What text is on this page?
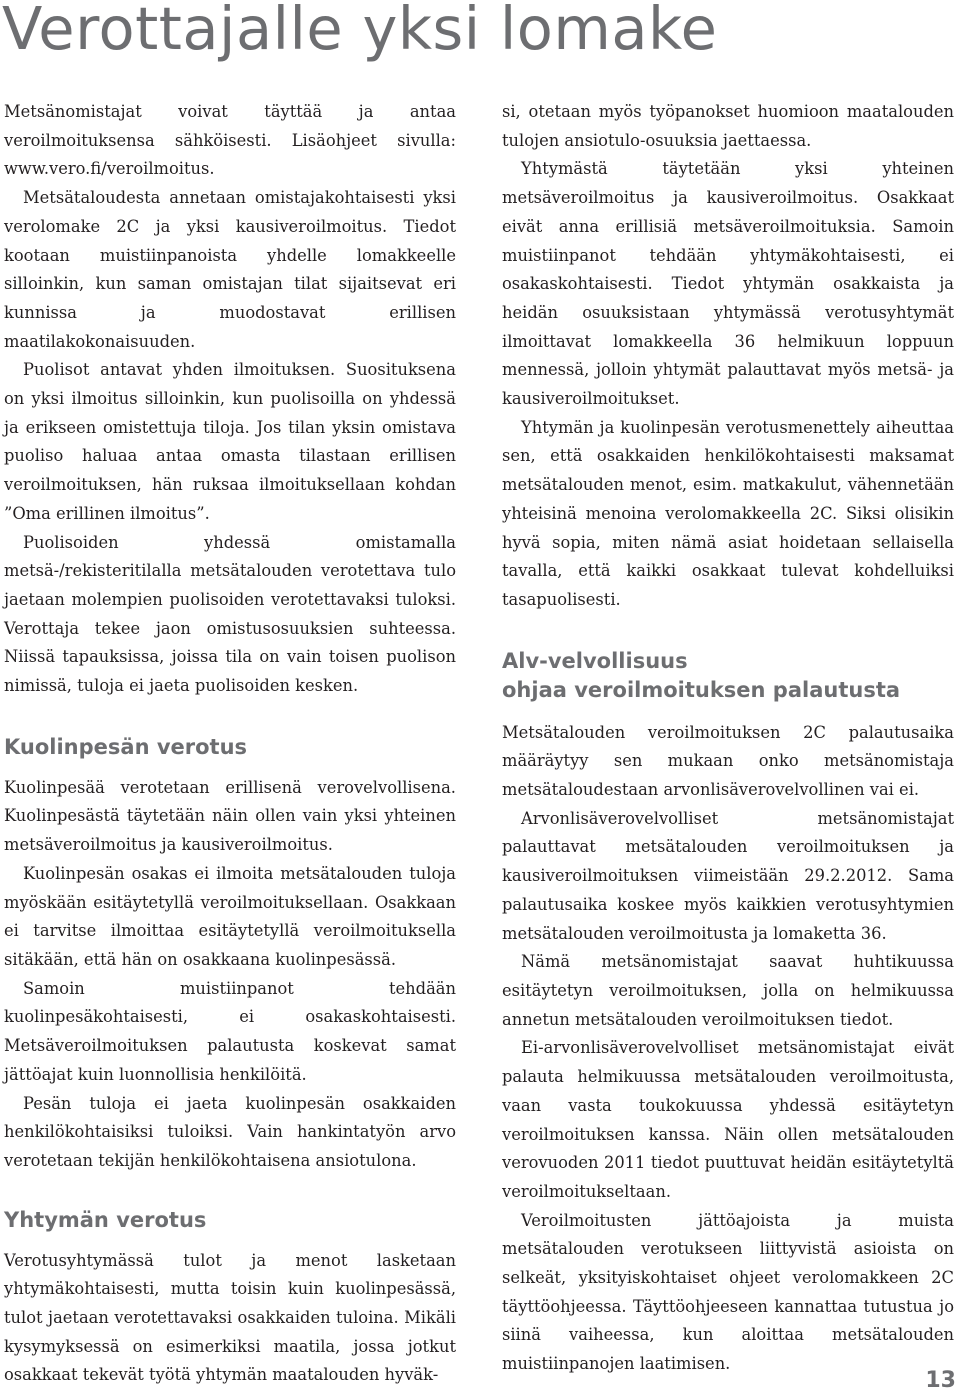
Verottajalle yksi lomake

Metsänomistajat voivat täyttää ja antaa veroilmoituksensa sähköisesti. Lisäohjeet sivulla: www.vero.fi/veroilmoitus.

Metsätaloudesta annetaan omistajakohtaisesti yksi verolomake 2C ja yksi kausiveroilmoitus. Tiedot kootaan muistiinpanoista yhdelle lomakkeelle silloinkin, kun saman omistajan tilat sijaitsevat eri kunnissa ja muodostavat erillisen maatilakokonaisuuden.

Puolisot antavat yhden ilmoituksen. Suosituksena on yksi ilmoitus silloinkin, kun puolisoilla on yhdessä ja erikseen omistettuja tiloja. Jos tilan yksin omistava puoliso haluaa antaa omasta tilastaan erillisen veroilmoituksen, hän ruksaa ilmoituksellaan kohdan ”Oma erillinen ilmoitus”.

Puolisoiden yhdessä omistamalla metsä-/rekisteritilalla metsätalouden verotettava tulo jaetaan molempien puolisoiden verotettavaksi tuloksi. Verottaja tekee jaon omistusosuuksien suhteessa. Niissä tapauksissa, joissa tila on vain toisen puolison nimissä, tuloja ei jaeta puolisoiden kesken.

Kuolinpesän verotus

Kuolinpesää verotetaan erillisenä verovelvollisena. Kuolinpesästä täytetään näin ollen vain yksi yhteinen metsäveroilmoitus ja kausiveroilmoitus.

Kuolinpesän osakas ei ilmoita metsätalouden tuloja myöskään esitäytetyllä veroilmoituksellaan. Osakkaan ei tarvitse ilmoittaa esitäytetyllä veroilmoituksella sitäkään, että hän on osakkaana kuolinpesässä.

Samoin muistiinpanot tehdään kuolinpesäkohtaisesti, ei osakaskohtaisesti. Metsäveroilmoituksen palautusta koskevat samat jättöajat kuin luonnollisia henkilöitä.

Pesän tuloja ei jaeta kuolinpesän osakkaiden henkilökohtaisiksi tuloiksi. Vain hankintatyön arvo verotetaan tekijän henkilökohtaisena ansiotulona.

Yhtymän verotus

Verotusyhtymässä tulot ja menot lasketaan yhtymäkohtaisesti, mutta toisin kuin kuolinpesässä, tulot jaetaan verotettavaksi osakkaiden tuloina. Mikäli kysymyksessä on esimerkiksi maatila, jossa jotkut osakkaat tekevät työtä yhtymän maatalouden hyväk-

si, otetaan myös työpanokset huomioon maatalouden tulojen ansiotulo-osuuksia jaettaessa.

Yhtymästä täytetään yksi yhteinen metsäveroilmoitus ja kausiveroilmoitus. Osakkaat eivät anna erillisiä metsäveroilmoituksia. Samoin muistiinpanot tehdään yhtymäkohtaisesti, ei osakaskohtaisesti. Tiedot yhtymän osakkaista ja heidän osuuksistaan yhtymässä verotusyhtymät ilmoittavat lomakkeella 36 helmikuun loppuun mennessä, jolloin yhtymät palauttavat myös metsä- ja kausiveroilmoitukset.

Yhtymän ja kuolinpesän verotusmenettely aiheuttaa sen, että osakkaiden henkilökohtaisesti maksamat metsätalouden menot, esim. matkakulut, vähennetään yhteisinä menoina verolomakkeella 2C. Siksi olisikin hyvä sopia, miten nämä asiat hoidetaan sellaisella tavalla, että kaikki osakkaat tulevat kohdelluiksi tasapuolisesti.

Alv-velvollisuus
ohjaa veroilmoituksen palautusta

Metsätalouden veroilmoituksen 2C palautusaika määräytyy sen mukaan onko metsänomistaja metsätaloudestaan arvonlisäverovelvollinen vai ei.

Arvonlisäverovelvolliset metsänomistajat palauttavat metsätalouden veroilmoituksen ja kausiveroilmoituksen viimeistään 29.2.2012. Sama palautusaika koskee myös kaikkien verotusyhtymien metsätalouden veroilmoitusta ja lomaketta 36.

Nämä metsänomistajat saavat huhtikuussa esitäytetyn veroilmoituksen, jolla on helmikuussa annetun metsätalouden veroilmoituksen tiedot.

Ei-arvonlisäverovelvolliset metsänomistajat eivät palauta helmikuussa metsätalouden veroilmoitusta, vaan vasta toukokuussa yhdessä esitäytetyn veroilmoituksen kanssa. Näin ollen metsätalouden verovuoden 2011 tiedot puuttuvat heidän esitäytetyltä veroilmoitukseltaan.

Veroilmoitusten jättöajoista ja muista metsätalouden verotukseen liittyvistä asioista on selkeät, yksityiskohtaiset ohjeet verolomakkeen 2C täyttöohjeessa. Täyttöohjeeseen kannattaa tutustua jo siinä vaiheessa, kun aloittaa metsätalouden muistiinpanojen laatimisen.

13
